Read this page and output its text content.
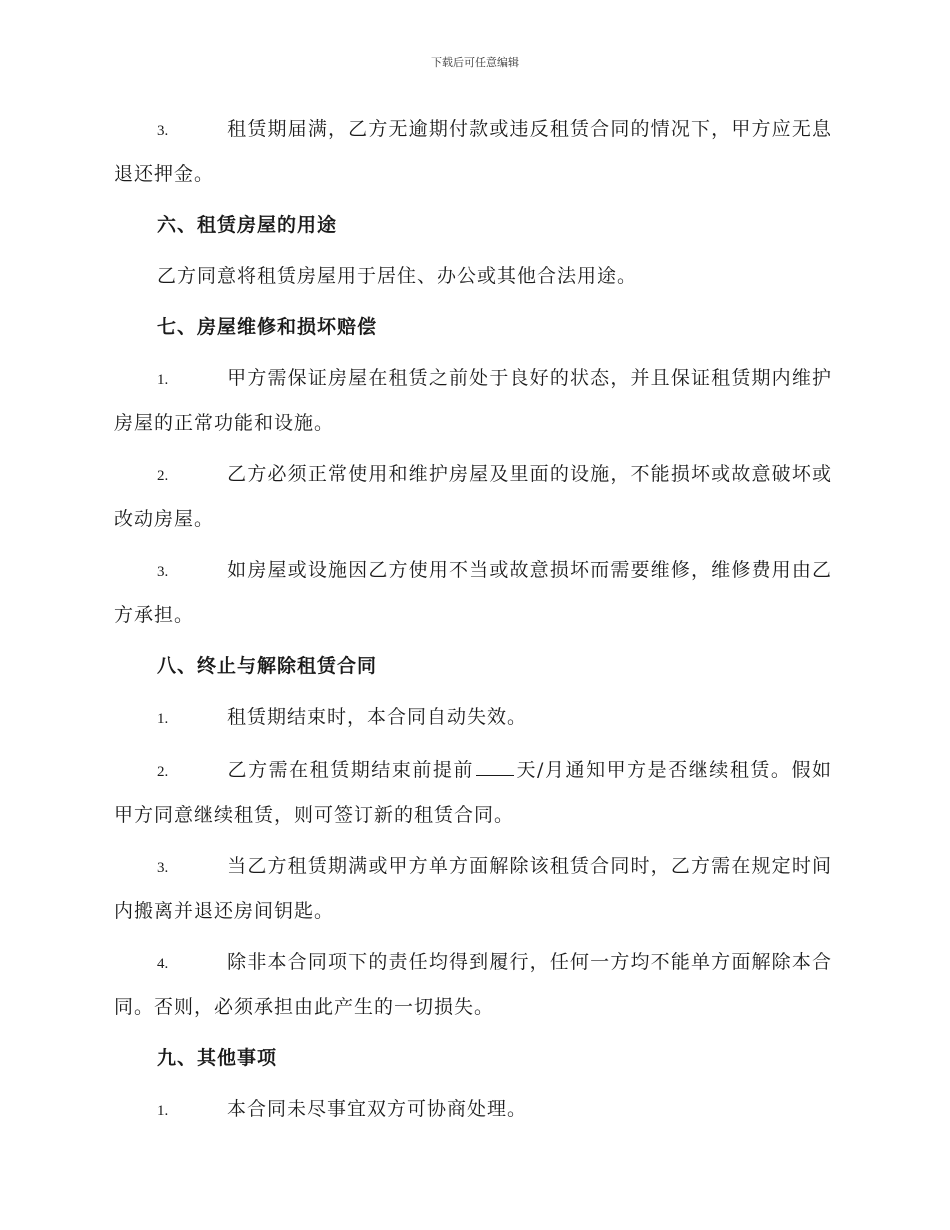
下载后可任意编辑
3.	租赁期届满，乙方无逾期付款或违反租赁合同的情况下，甲方应无息退还押金。
六、租赁房屋的用途
乙方同意将租赁房屋用于居住、办公或其他合法用途。
七、房屋维修和损坏赔偿
1.	甲方需保证房屋在租赁之前处于良好的状态，并且保证租赁期内维护房屋的正常功能和设施。
2.	乙方必须正常使用和维护房屋及里面的设施，不能损坏或故意破坏或改动房屋。
3.	如房屋或设施因乙方使用不当或故意损坏而需要维修，维修费用由乙方承担。
八、终止与解除租赁合同
1.	租赁期结束时，本合同自动失效。
2.	乙方需在租赁期结束前提前 天/月通知甲方是否继续租赁。假如甲方同意继续租赁，则可签订新的租赁合同。
3.	当乙方租赁期满或甲方单方面解除该租赁合同时，乙方需在规定时间内搬离并退还房间钥匙。
4.	除非本合同项下的责任均得到履行，任何一方均不能单方面解除本合同。否则，必须承担由此产生的一切损失。
九、其他事项
1.	本合同未尽事宜双方可协商处理。
